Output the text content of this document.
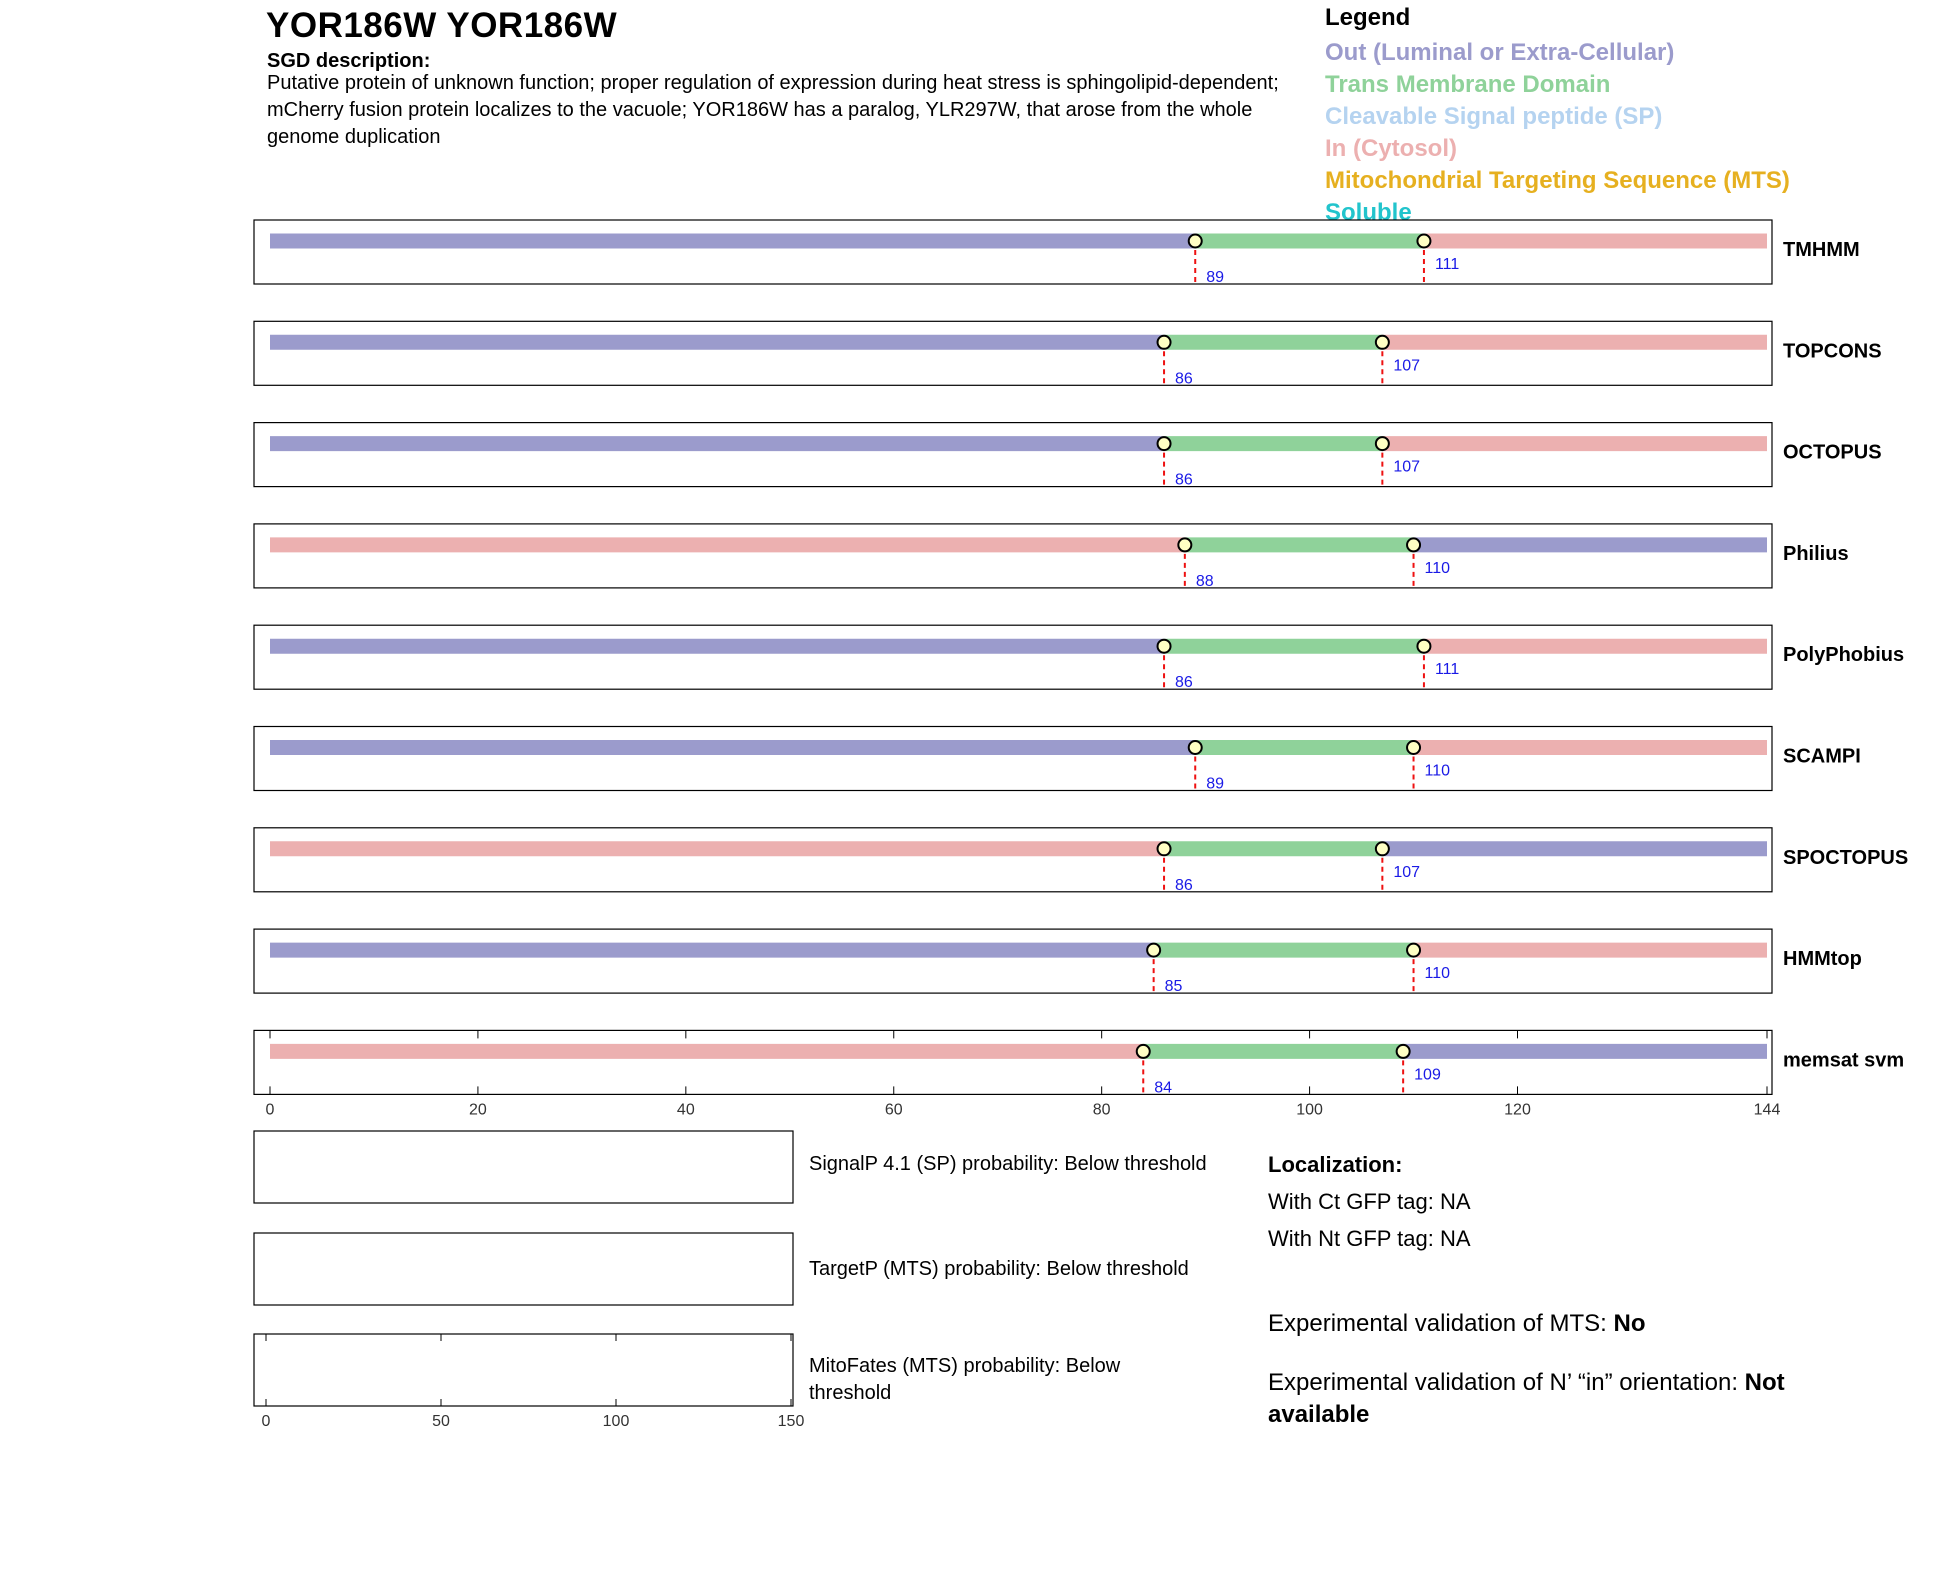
YOR186W YOR186W
SGD description:
Putative protein of unknown function; proper regulation of expression during heat stress is sphingolipid-dependent; mCherry fusion protein localizes to the vacuole; YOR186W has a paralog, YLR297W, that arose from the whole genome duplication
Legend
Out (Luminal or Extra-Cellular)
Trans Membrane Domain
Cleavable Signal peptide (SP)
In (Cytosol)
Mitochondrial Targeting Sequence (MTS)
Soluble
89
111
TMHMM
86
107
TOPCONS
86
107
OCTOPUS
88
110
Philius
86
111
PolyPhobius
89
110
SCAMPI
86
107
SPOCTOPUS
85
110
HMMtop
84
109
memsat svm
0	20	40	60	80	100	120	144
0	50	100	150
SignalP 4.1 (SP) probability: Below threshold
TargetP (MTS) probability: Below threshold
MitoFates (MTS) probability: Below threshold
Localization:
With Ct GFP tag: NA
With Nt GFP tag: NA
Experimental validation of MTS: No
Experimental validation of N’ “in” orientation: Not available
